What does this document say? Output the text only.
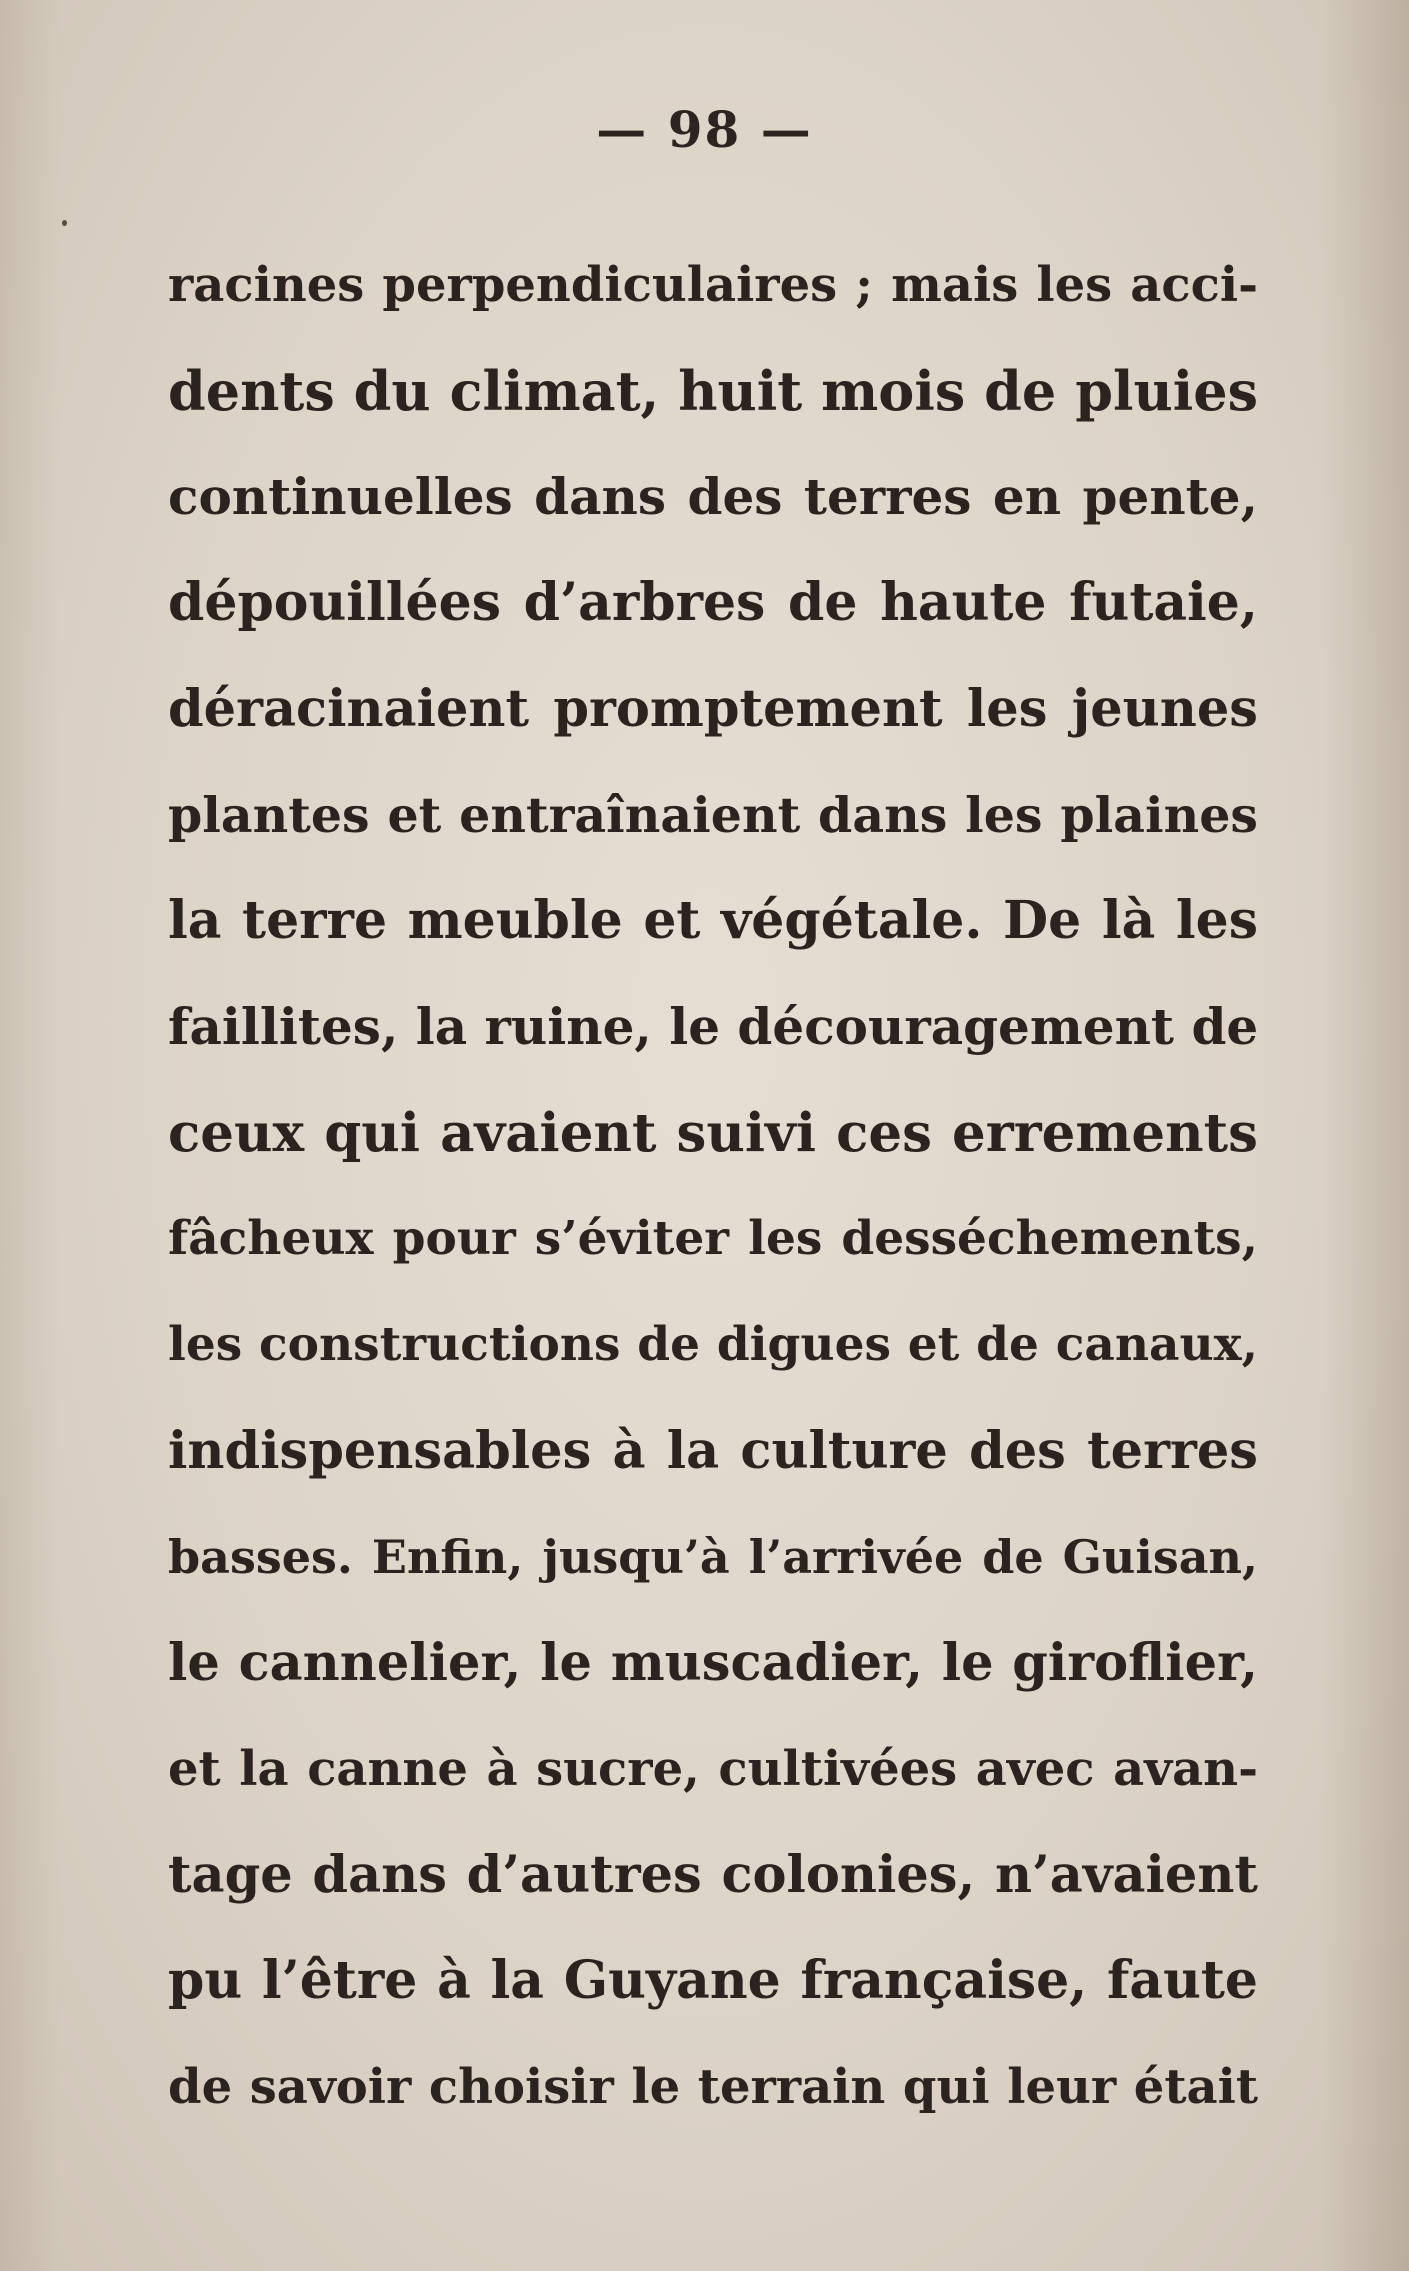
— 98 —
racines perpendiculaires ; mais les acci-
dents du climat, huit mois de pluies
continuelles dans des terres en pente,
dépouillées d’arbres de haute futaie,
déracinaient promptement les jeunes
plantes et entraînaient dans les plaines
la terre meuble et végétale. De là les
faillites, la ruine, le découragement de
ceux qui avaient suivi ces errements
fâcheux pour s’éviter les desséchements,
les constructions de digues et de canaux,
indispensables à la culture des terres
basses. Enfin, jusqu’à l’arrivée de Guisan,
le cannelier, le muscadier, le giroflier,
et la canne à sucre, cultivées avec avan-
tage dans d’autres colonies, n’avaient
pu l’être à la Guyane française, faute
de savoir choisir le terrain qui leur était
